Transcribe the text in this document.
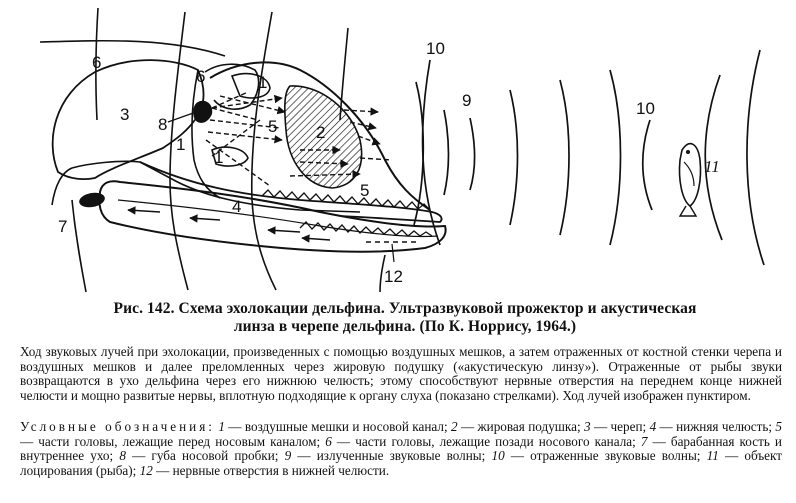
6
3
6	1
8	5 2
1
1
5
4
7
12
10
9	10
11
Рис. 142. Схема эхолокации дельфина. Ультразвуковой прожектор и акустическая
линза в черепе дельфина. (По К. Норрису, 1964.)
Ход звуковых лучей при эхолокации, произведенных с помощью воздушных мешков, а затем отраженных от костной стенки черепа и воздушных мешков и далее преломленных через жировую подушку («акустическую линзу»). Отраженные от рыбы звуки возвращаются в ухо дельфина через его нижнюю челюсть; этому способствуют нервные отверстия на переднем конце нижней челюсти и мощно развитые нервы, вплотную подходящие к органу слуха (показано стрелками). Ход лучей изображен пунктиром.
Условные обозначения: 1 — воздушные мешки и носовой канал; 2 — жировая подушка; 3 — череп; 4 — нижняя челюсть; 5 — части головы, лежащие перед носовым каналом; 6 — части головы, лежащие позади носового канала; 7 — барабанная кость и внутреннее ухо; 8 — губа носовой пробки; 9 — излученные звуковые волны; 10 — отраженные звуковые волны; 11 — объект лоцирования (рыба); 12 — нервные отверстия в нижней челюсти.
